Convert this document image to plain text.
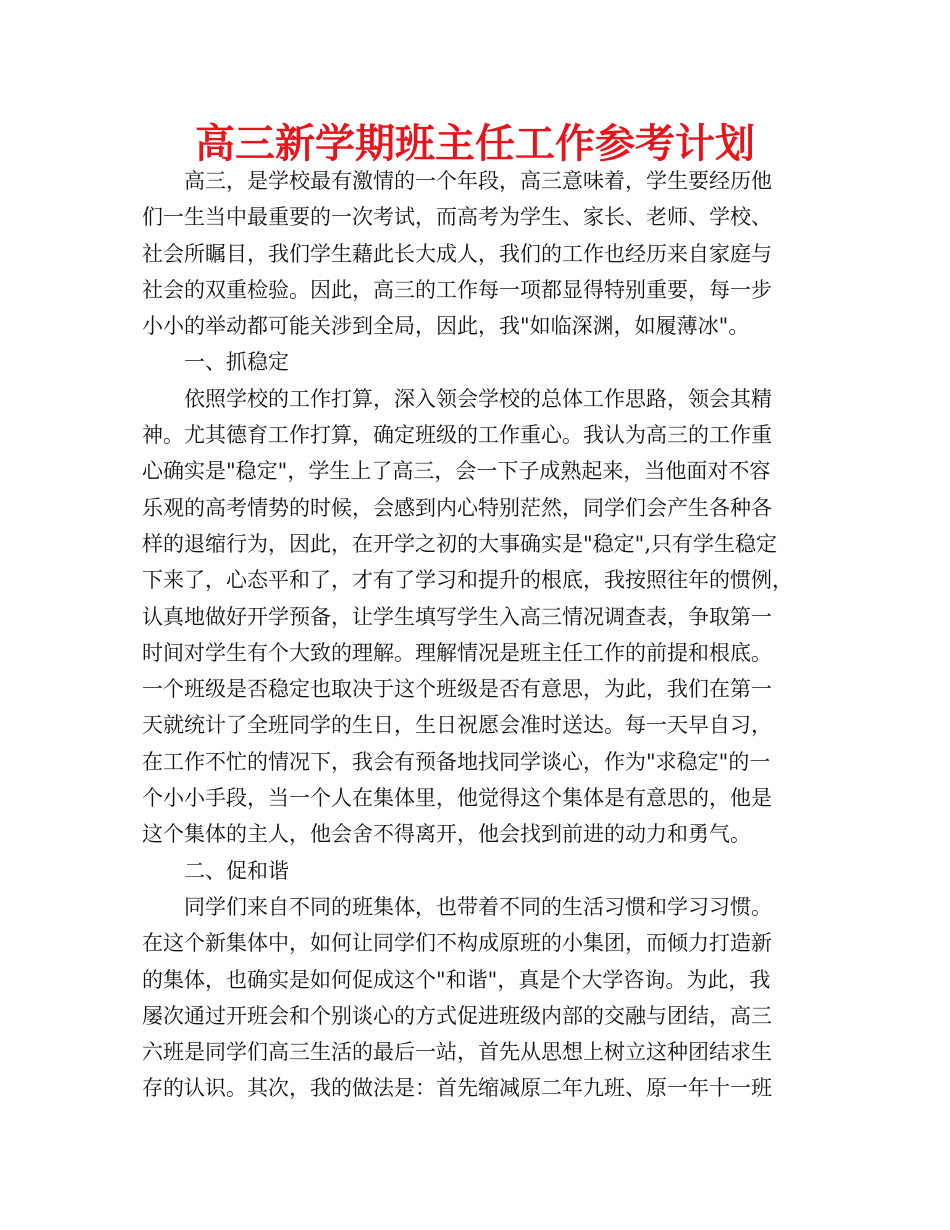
高三新学期班主任工作参考计划
高三，是学校最有激情的一个年段，高三意味着，学生要经历他
们一生当中最重要的一次考试，而高考为学生、家长、老师、学校、
社会所瞩目，我们学生藉此长大成人，我们的工作也经历来自家庭与
社会的双重检验。因此，高三的工作每一项都显得特别重要，每一步
小小的举动都可能关涉到全局，因此，我"如临深渊，如履薄冰"。
一、抓稳定
依照学校的工作打算，深入领会学校的总体工作思路，领会其精
神。尤其德育工作打算，确定班级的工作重心。我认为高三的工作重
心确实是"稳定"，学生上了高三，会一下子成熟起来，当他面对不容
乐观的高考情势的时候，会感到内心特别茫然，同学们会产生各种各
样的退缩行为，因此，在开学之初的大事确实是"稳定",只有学生稳定
下来了，心态平和了，才有了学习和提升的根底，我按照往年的惯例，
认真地做好开学预备，让学生填写学生入高三情况调查表，争取第一
时间对学生有个大致的理解。理解情况是班主任工作的前提和根底。
一个班级是否稳定也取决于这个班级是否有意思，为此，我们在第一
天就统计了全班同学的生日，生日祝愿会准时送达。每一天早自习，
在工作不忙的情况下，我会有预备地找同学谈心，作为"求稳定"的一
个小小手段，当一个人在集体里，他觉得这个集体是有意思的，他是
这个集体的主人，他会舍不得离开，他会找到前进的动力和勇气。
二、促和谐
同学们来自不同的班集体，也带着不同的生活习惯和学习习惯。
在这个新集体中，如何让同学们不构成原班的小集团，而倾力打造新
的集体，也确实是如何促成这个"和谐"，真是个大学咨询。为此，我
屡次通过开班会和个别谈心的方式促进班级内部的交融与团结，高三
六班是同学们高三生活的最后一站，首先从思想上树立这种团结求生
存的认识。其次，我的做法是：首先缩减原二年九班、原一年十一班
